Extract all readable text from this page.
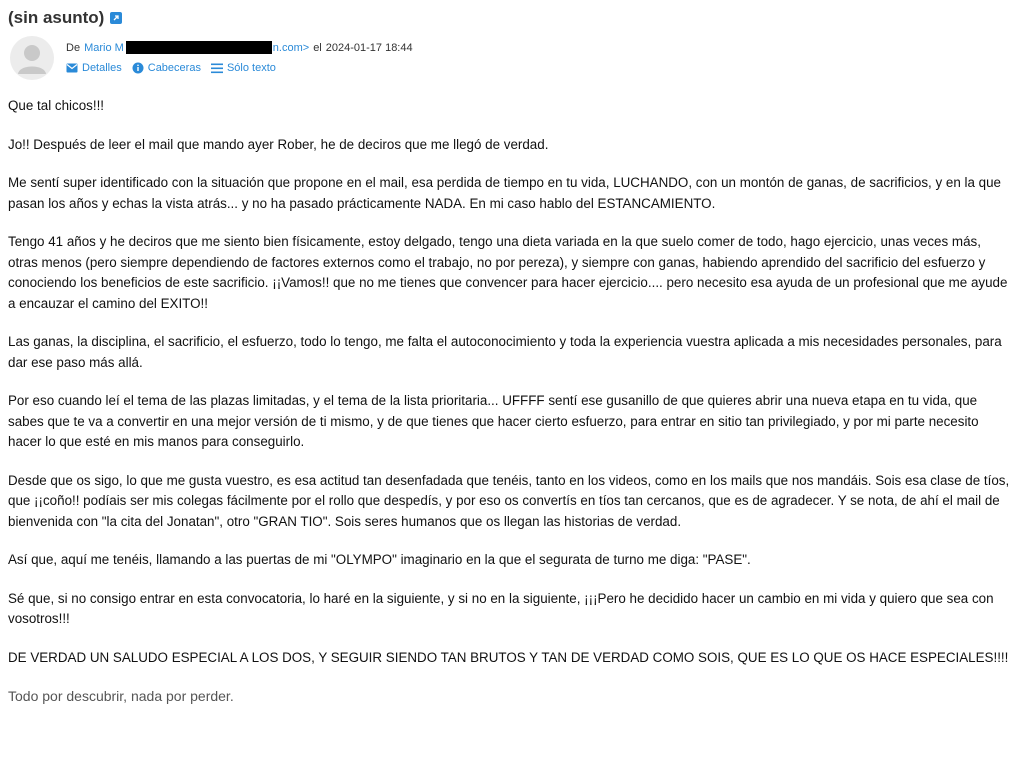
(sin asunto)
De Mario M	n.com> el 2024-01-17 18:44
Detalles Cabeceras Sólo texto

Que tal chicos!!!

Jo!! Después de leer el mail que mando ayer Rober, he de deciros que me llegó de verdad.

Me sentí super identificado con la situación que propone en el mail, esa perdida de tiempo en tu vida, LUCHANDO, con un montón de ganas, de sacrificios, y en la que pasan los años y echas la vista atrás... y no ha pasado prácticamente NADA. En mi caso hablo del ESTANCAMIENTO.

Tengo 41 años y he deciros que me siento bien físicamente, estoy delgado, tengo una dieta variada en la que suelo comer de todo, hago ejercicio, unas veces más, otras menos (pero siempre dependiendo de factores externos como el trabajo, no por pereza), y siempre con ganas, habiendo aprendido del sacrificio del esfuerzo y conociendo los beneficios de este sacrificio. ¡¡Vamos!! que no me tienes que convencer para hacer ejercicio.... pero necesito esa ayuda de un profesional que me ayude a encauzar el camino del EXITO!!

Las ganas, la disciplina, el sacrificio, el esfuerzo, todo lo tengo, me falta el autoconocimiento y toda la experiencia vuestra aplicada a mis necesidades personales, para dar ese paso más allá.

Por eso cuando leí el tema de las plazas limitadas, y el tema de la lista prioritaria... UFFFF sentí ese gusanillo de que quieres abrir una nueva etapa en tu vida, que sabes que te va a convertir en una mejor versión de ti mismo, y de que tienes que hacer cierto esfuerzo, para entrar en sitio tan privilegiado, y por mi parte necesito hacer lo que esté en mis manos para conseguirlo.

Desde que os sigo, lo que me gusta vuestro, es esa actitud tan desenfadada que tenéis, tanto en los videos, como en los mails que nos mandáis. Sois esa clase de tíos, que ¡¡coño!! podíais ser mis colegas fácilmente por el rollo que despedís, y por eso os convertís en tíos tan cercanos, que es de agradecer. Y se nota, de ahí el mail de bienvenida con "la cita del Jonatan", otro "GRAN TIO". Sois seres humanos que os llegan las historias de verdad.

Así que, aquí me tenéis, llamando a las puertas de mi "OLYMPO" imaginario en la que el segurata de turno me diga: "PASE".

Sé que, si no consigo entrar en esta convocatoria, lo haré en la siguiente, y si no en la siguiente, ¡¡¡Pero he decidido hacer un cambio en mi vida y quiero que sea con vosotros!!!

DE VERDAD UN SALUDO ESPECIAL A LOS DOS, Y SEGUIR SIENDO TAN BRUTOS Y TAN DE VERDAD COMO SOIS, QUE ES LO QUE OS HACE ESPECIALES!!!!

Todo por descubrir, nada por perder.
